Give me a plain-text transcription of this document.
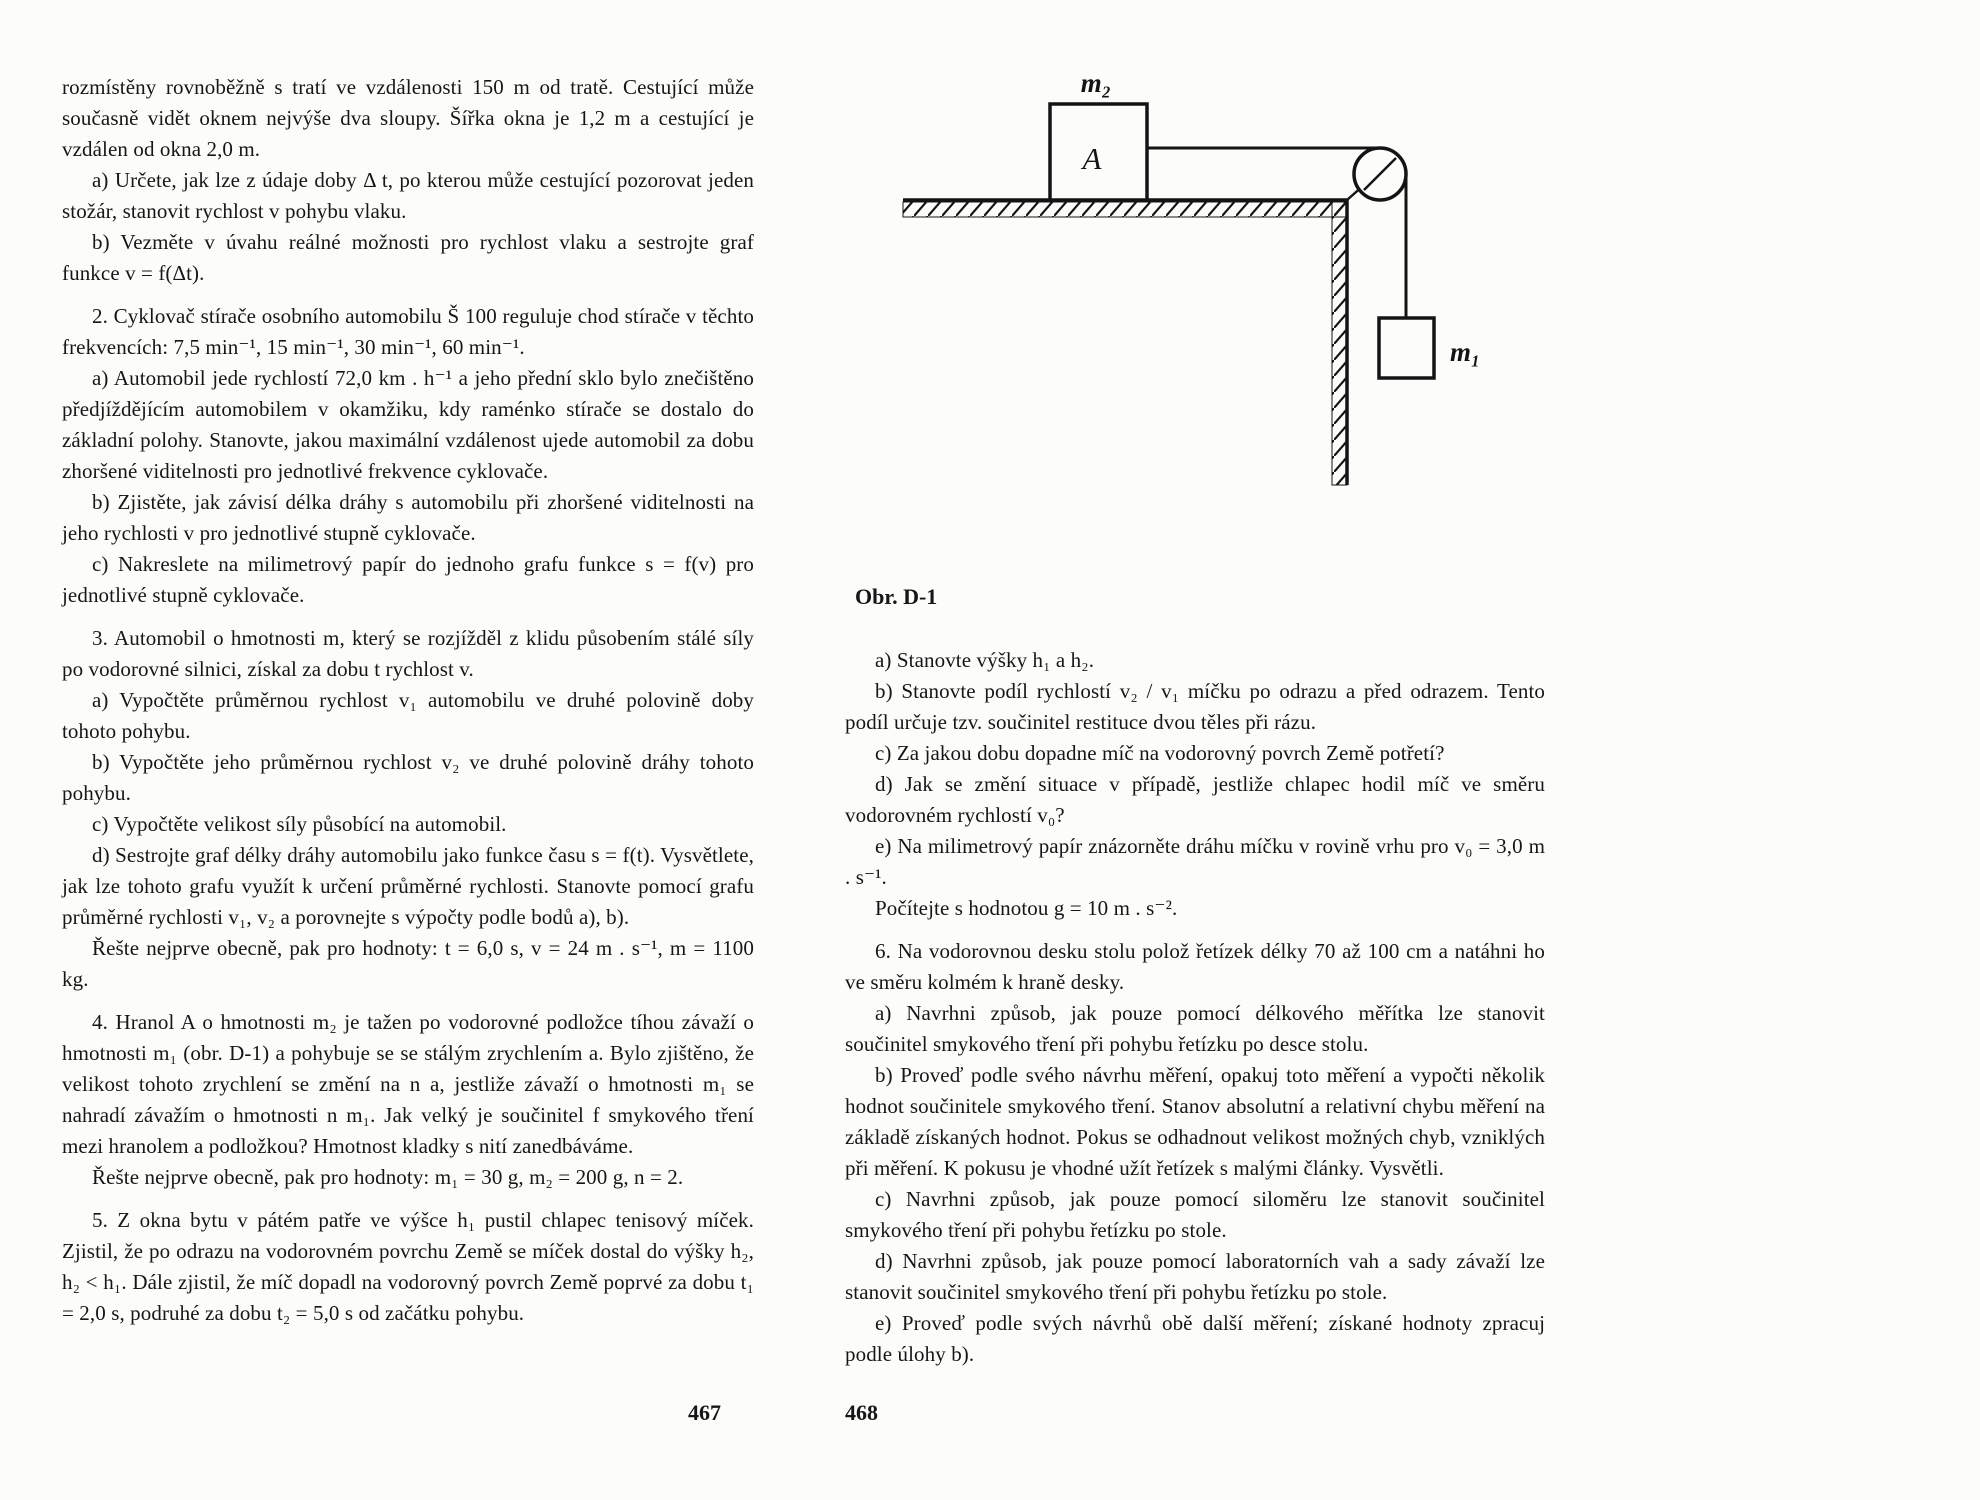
rozmístěny rovnoběžně s tratí ve vzdálenosti 150 m od tratě. Cestující může současně vidět oknem nejvýše dva sloupy. Šířka okna je 1,2 m a cestující je vzdálen od okna 2,0 m.

a) Určete, jak lze z údaje doby Δ t, po kterou může cestující pozorovat jeden stožár, stanovit rychlost v pohybu vlaku.

b) Vezměte v úvahu reálné možnosti pro rychlost vlaku a sestrojte graf funkce v = f(Δt).

2. Cyklovač stírače osobního automobilu Š 100 reguluje chod stírače v těchto frekvencích: 7,5 min⁻¹, 15 min⁻¹, 30 min⁻¹, 60 min⁻¹.

a) Automobil jede rychlostí 72,0 km . h⁻¹ a jeho přední sklo bylo znečištěno předjíždějícím automobilem v okamžiku, kdy raménko stírače se dostalo do základní polohy. Stanovte, jakou maximální vzdálenost ujede automobil za dobu zhoršené viditelnosti pro jednotlivé frekvence cyklovače.

b) Zjistěte, jak závisí délka dráhy s automobilu při zhoršené viditelnosti na jeho rychlosti v pro jednotlivé stupně cyklovače.

c) Nakreslete na milimetrový papír do jednoho grafu funkce s = f(v) pro jednotlivé stupně cyklovače.

3. Automobil o hmotnosti m, který se rozjížděl z klidu působením stálé síly po vodorovné silnici, získal za dobu t rychlost v.

a) Vypočtěte průměrnou rychlost v₁ automobilu ve druhé polovině doby tohoto pohybu.

b) Vypočtěte jeho průměrnou rychlost v₂ ve druhé polovině dráhy tohoto pohybu.

c) Vypočtěte velikost síly působící na automobil.

d) Sestrojte graf délky dráhy automobilu jako funkce času s = f(t). Vysvětlete, jak lze tohoto grafu využít k určení průměrné rychlosti. Stanovte pomocí grafu průměrné rychlosti v₁, v₂ a porovnejte s výpočty podle bodů a), b).

Řešte nejprve obecně, pak pro hodnoty: t = 6,0 s, v = 24 m . s⁻¹, m = 1100 kg.

4. Hranol A o hmotnosti m₂ je tažen po vodorovné podložce tíhou závaží o hmotnosti m₁ (obr. D-1) a pohybuje se se stálým zrychlením a. Bylo zjištěno, že velikost tohoto zrychlení se změní na n a, jestliže závaží o hmotnosti m₁ se nahradí závažím o hmotnosti n m₁. Jak velký je součinitel f smykového tření mezi hranolem a podložkou? Hmotnost kladky s nití zanedbáváme.

Řešte nejprve obecně, pak pro hodnoty: m₁ = 30 g, m₂ = 200 g, n = 2.

5. Z okna bytu v pátém patře ve výšce h₁ pustil chlapec tenisový míček. Zjistil, že po odrazu na vodorovném povrchu Země se míček dostal do výšky h₂, h₂ < h₁. Dále zjistil, že míč dopadl na vodorovný povrch Země poprvé za dobu t₁ = 2,0 s, podruhé za dobu t₂ = 5,0 s od začátku pohybu.

467
A
m₂
m₁
Obr. D-1

a) Stanovte výšky h₁ a h₂.

b) Stanovte podíl rychlostí v₂ / v₁ míčku po odrazu a před odrazem. Tento podíl určuje tzv. součinitel restituce dvou těles při rázu.

c) Za jakou dobu dopadne míč na vodorovný povrch Země potřetí?

d) Jak se změní situace v případě, jestliže chlapec hodil míč ve směru vodorovném rychlostí v₀?

e) Na milimetrový papír znázorněte dráhu míčku v rovině vrhu pro v₀ = 3,0 m . s⁻¹.

Počítejte s hodnotou g = 10 m . s⁻².

6. Na vodorovnou desku stolu polož řetízek délky 70 až 100 cm a natáhni ho ve směru kolmém k hraně desky.

a) Navrhni způsob, jak pouze pomocí délkového měřítka lze stanovit součinitel smykového tření při pohybu řetízku po desce stolu.

b) Proveď podle svého návrhu měření, opakuj toto měření a vypočti několik hodnot součinitele smykového tření. Stanov absolutní a relativní chybu měření na základě získaných hodnot. Pokus se odhadnout velikost možných chyb, vzniklých při měření. K pokusu je vhodné užít řetízek s malými články. Vysvětli.

c) Navrhni způsob, jak pouze pomocí siloměru lze stanovit součinitel smykového tření při pohybu řetízku po stole.

d) Navrhni způsob, jak pouze pomocí laboratorních vah a sady závaží lze stanovit součinitel smykového tření při pohybu řetízku po stole.

e) Proveď podle svých návrhů obě další měření; získané hodnoty zpracuj podle úlohy b).

468
